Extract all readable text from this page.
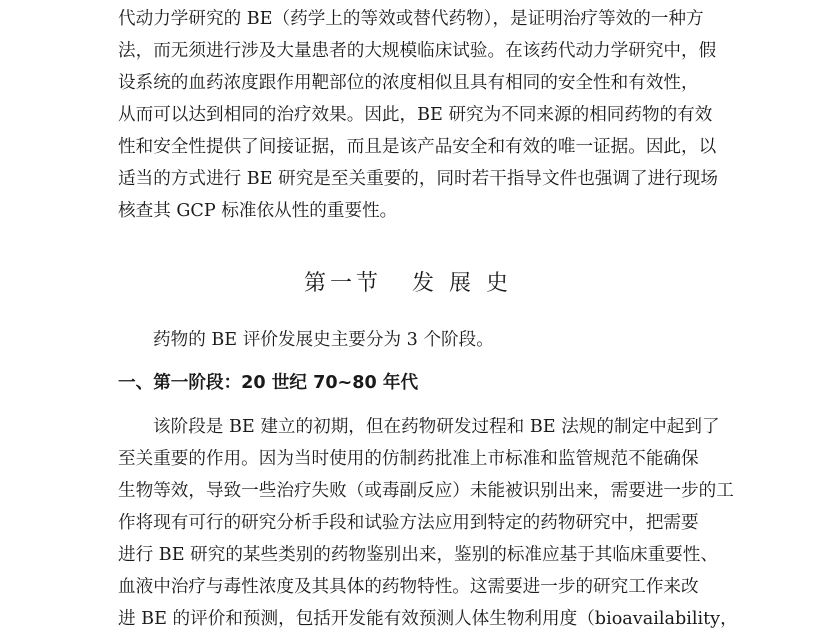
代动力学研究的 BE（药学上的等效或替代药物），是证明治疗等效的一种方
法，而无须进行涉及大量患者的大规模临床试验。在该药代动力学研究中，假
设系统的血药浓度跟作用靶部位的浓度相似且具有相同的安全性和有效性，
从而可以达到相同的治疗效果。因此，BE 研究为不同来源的相同药物的有效
性和安全性提供了间接证据，而且是该产品安全和有效的唯一证据。因此，以
适当的方式进行 BE 研究是至关重要的，同时若干指导文件也强调了进行现场
核查其 GCP 标准依从性的重要性。
第一节 发 展 史
药物的 BE 评价发展史主要分为 3 个阶段。
一、第一阶段：20 世纪 70~80 年代
该阶段是 BE 建立的初期，但在药物研发过程和 BE 法规的制定中起到了
至关重要的作用。因为当时使用的仿制药批准上市标准和监管规范不能确保
生物等效，导致一些治疗失败（或毒副反应）未能被识别出来，需要进一步的工
作将现有可行的研究分析手段和试验方法应用到特定的药物研究中，把需要
进行 BE 研究的某些类别的药物鉴别出来，鉴别的标准应基于其临床重要性、
血液中治疗与毒性浓度及其具体的药物特性。这需要进一步的研究工作来改
进 BE 的评价和预测，包括开发能有效预测人体生物利用度（bioavailability，
